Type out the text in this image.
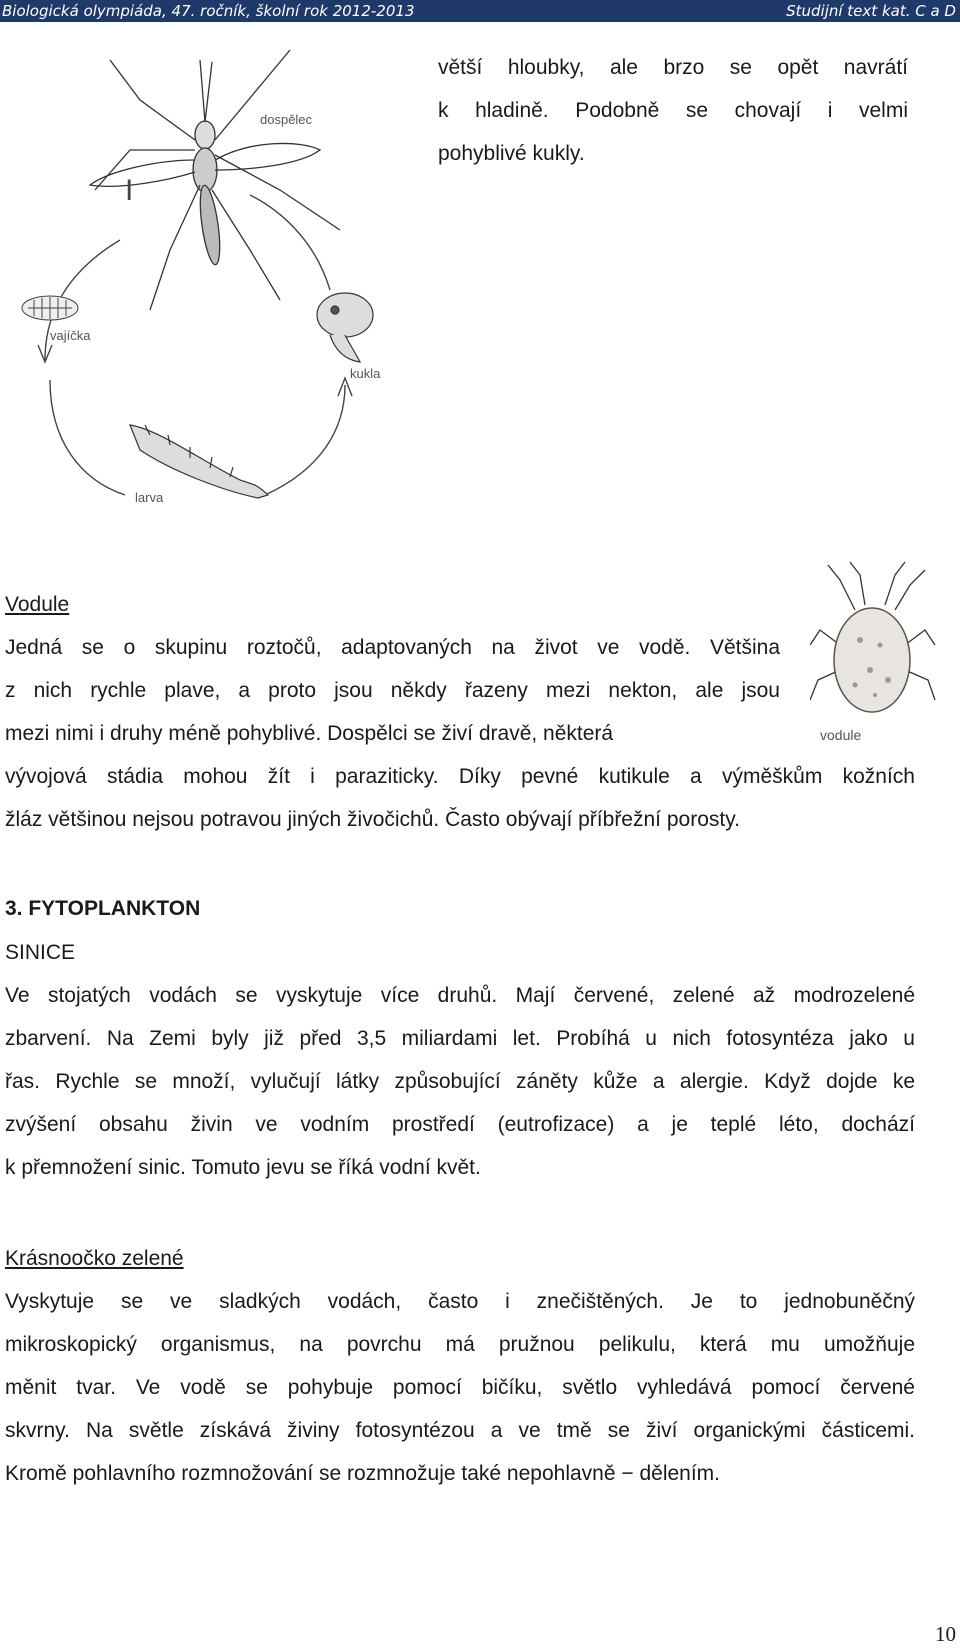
Biologická olympiáda, 47. ročník, školní rok 2012-2013	Studijní text kat. C a D
větší hloubky, ale brzo se opět navrátí
k hladině. Podobně se chovají i velmi
pohyblivé kukly.
I
dospělec
vajíčka
kukla
larva
Vodule
vodule
Jedná se o skupinu roztočů, adaptovaných na život ve vodě. Většina
z nich rychle plave, a proto jsou někdy řazeny mezi nekton, ale jsou
mezi nimi i druhy méně pohyblivé. Dospělci se živí dravě, některá
vývojová stádia mohou žít i paraziticky. Díky pevné kutikule a výměškům kožních
žláz většinou nejsou potravou jiných živočichů. Často obývají příbřežní porosty.
3. FYTOPLANKTON
SINICE
Ve stojatých vodách se vyskytuje více druhů. Mají červené, zelené až modrozelené
zbarvení. Na Zemi byly již před 3,5 miliardami let. Probíhá u nich fotosyntéza jako u
řas. Rychle se množí, vylučují látky způsobující záněty kůže a alergie. Když dojde ke
zvýšení obsahu živin ve vodním prostředí (eutrofizace) a je teplé léto, dochází
k přemnožení sinic. Tomuto jevu se říká vodní květ.
Krásnoočko zelené
Vyskytuje se ve sladkých vodách, často i znečištěných. Je to jednobuněčný
mikroskopický organismus, na povrchu má pružnou pelikulu, která mu umožňuje
měnit tvar. Ve vodě se pohybuje pomocí bičíku, světlo vyhledává pomocí červené
skvrny. Na světle získává živiny fotosyntézou a ve tmě se živí organickými částicemi.
Kromě pohlavního rozmnožování se rozmnožuje také nepohlavně − dělením.
10
